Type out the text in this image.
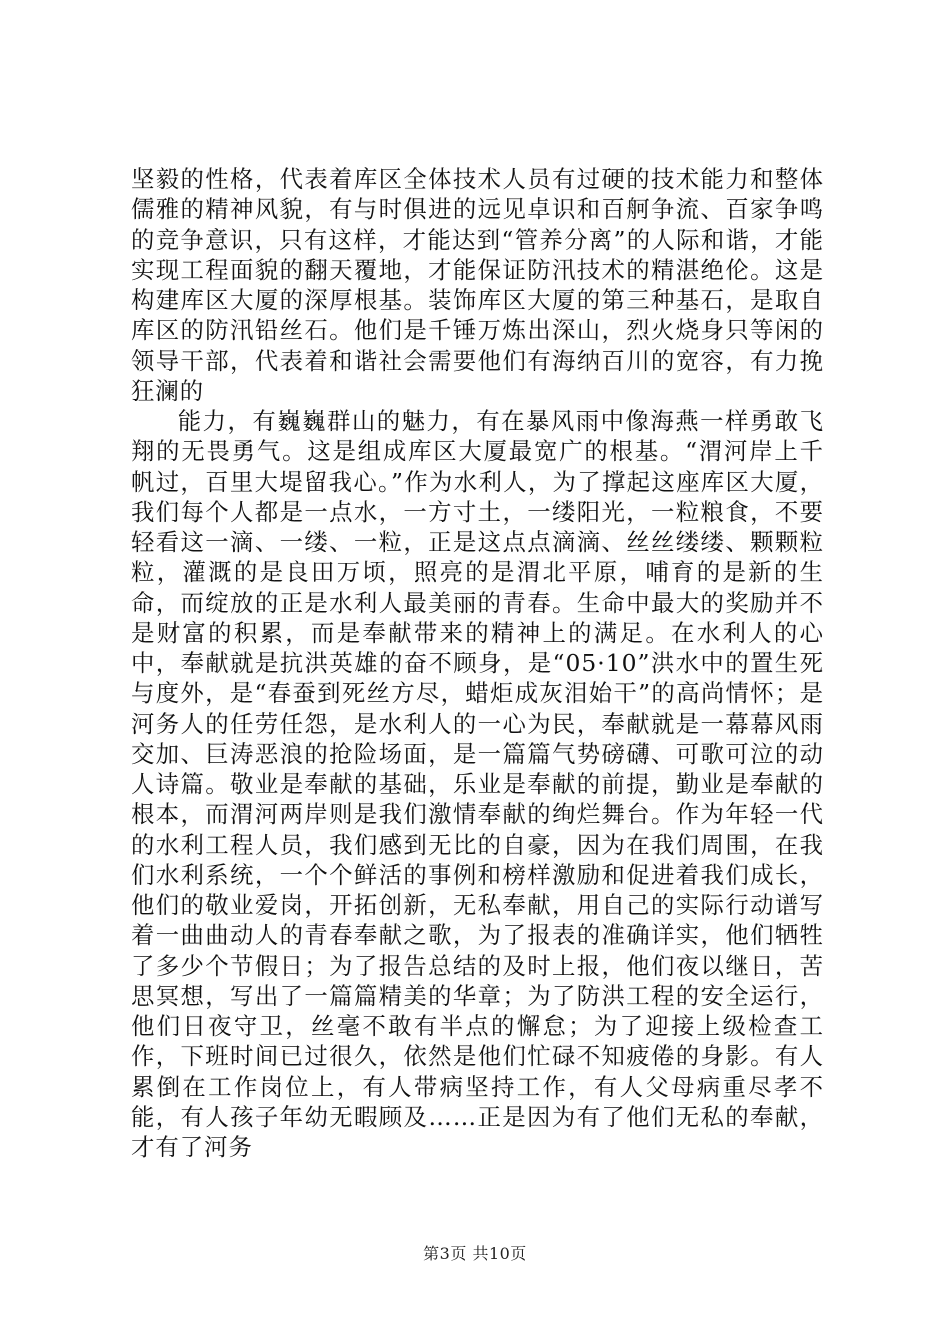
坚毅的性格，代表着库区全体技术人员有过硬的技术能力和整体儒雅的精神风貌，有与时俱进的远见卓识和百舸争流、百家争鸣的竞争意识，只有这样，才能达到“管养分离”的人际和谐，才能实现工程面貌的翻天覆地，才能保证防汛技术的精湛绝伦。这是构建库区大厦的深厚根基。装饰库区大厦的第三种基石，是取自库区的防汛铅丝石。他们是千锤万炼出深山，烈火烧身只等闲的领导干部，代表着和谐社会需要他们有海纳百川的宽容，有力挽狂澜的

能力，有巍巍群山的魅力，有在暴风雨中像海燕一样勇敢飞翔的无畏勇气。这是组成库区大厦最宽广的根基。“渭河岸上千帆过，百里大堤留我心。”作为水利人，为了撑起这座库区大厦，我们每个人都是一点水，一方寸土，一缕阳光，一粒粮食，不要轻看这一滴、一缕、一粒，正是这点点滴滴、丝丝缕缕、颗颗粒粒，灌溉的是良田万顷，照亮的是渭北平原，哺育的是新的生命，而绽放的正是水利人最美丽的青春。生命中最大的奖励并不是财富的积累，而是奉献带来的精神上的满足。在水利人的心中，奉献就是抗洪英雄的奋不顾身，是“05·10”洪水中的置生死与度外，是“春蚕到死丝方尽，蜡炬成灰泪始干”的高尚情怀；是河务人的任劳任怨，是水利人的一心为民，奉献就是一幕幕风雨交加、巨涛恶浪的抢险场面，是一篇篇气势磅礴、可歌可泣的动人诗篇。敬业是奉献的基础，乐业是奉献的前提，勤业是奉献的根本，而渭河两岸则是我们激情奉献的绚烂舞台。作为年轻一代的水利工程人员，我们感到无比的自豪，因为在我们周围，在我们水利系统，一个个鲜活的事例和榜样激励和促进着我们成长，他们的敬业爱岗，开拓创新，无私奉献，用自己的实际行动谱写着一曲曲动人的青春奉献之歌，为了报表的准确详实，他们牺牲了多少个节假日；为了报告总结的及时上报，他们夜以继日，苦思冥想，写出了一篇篇精美的华章；为了防洪工程的安全运行，他们日夜守卫，丝毫不敢有半点的懈怠；为了迎接上级检查工作，下班时间已过很久，依然是他们忙碌不知疲倦的身影。有人累倒在工作岗位上，有人带病坚持工作，有人父母病重尽孝不能，有人孩子年幼无暇顾及……正是因为有了他们无私的奉献，才有了河务

第3页 共10页
